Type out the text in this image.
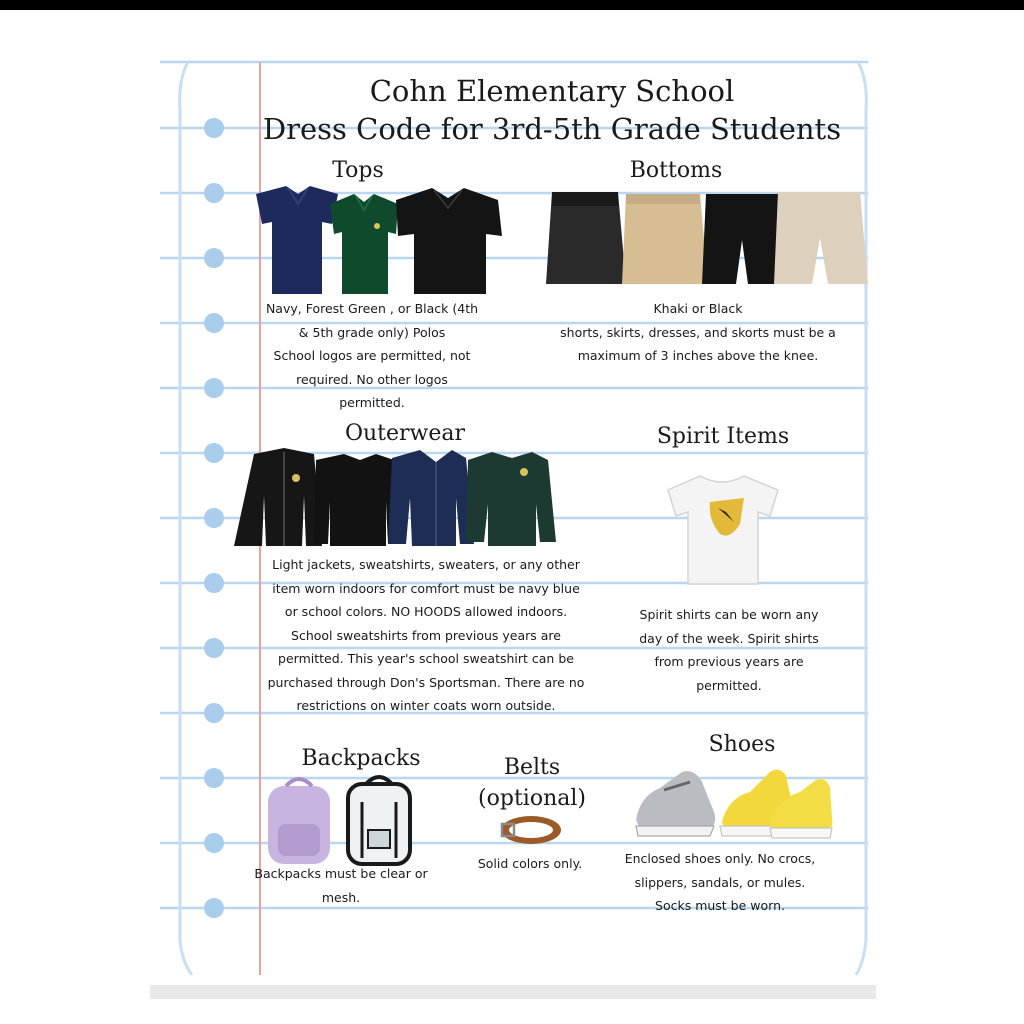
Cohn Elementary School
Dress Code for 3rd-5th Grade Students
Tops
Navy, Forest Green , or Black (4th
& 5th grade only) Polos
School logos are permitted, not
required. No other logos
permitted.
Bottoms
Khaki or Black
shorts, skirts, dresses, and skorts must be a
maximum of 3 inches above the knee.
Outerwear
Light jackets, sweatshirts, sweaters, or any other
item worn indoors for comfort must be navy blue
or school colors. NO HOODS allowed indoors.
School sweatshirts from previous years are
permitted. This year's school sweatshirt can be
purchased through Don's Sportsman. There are no
restrictions on winter coats worn outside.
Spirit Items
Spirit shirts can be worn any
day of the week. Spirit shirts
from previous years are
permitted.
Backpacks
Backpacks must be clear or
mesh.
Belts
(optional)
Solid colors only.
Shoes
Enclosed shoes only. No crocs,
slippers, sandals, or mules.
Socks must be worn.
